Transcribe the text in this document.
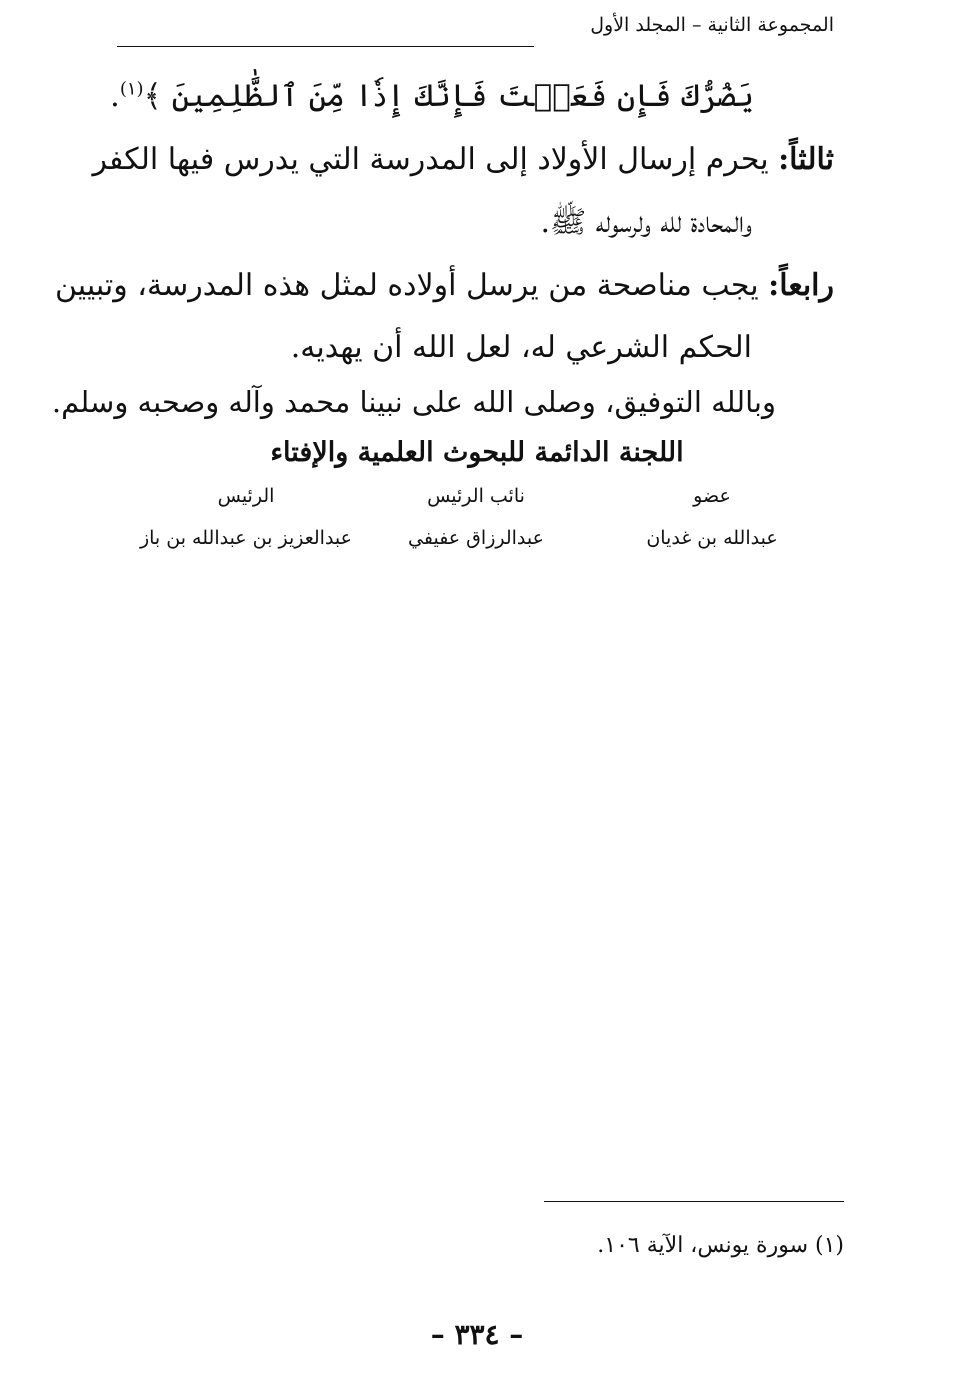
المجموعة الثانية – المجلد الأول
يَضُرُّكَ فَإِن فَعَلۡتَ فَإِنَّكَ إِذٗا مِّنَ ٱلظَّٰلِمِينَ ﴾$^{(١)}$.
ثالثاً: يحرم إرسال الأولاد إلى المدرسة التي يدرس فيها الكفر
والمحادة لله ولرسوله ﷺ.
رابعاً: يجب مناصحة من يرسل أولاده لمثل هذه المدرسة، وتبيين
الحكم الشرعي له، لعل الله أن يهديه.
وبالله التوفيق، وصلى الله على نبينا محمد وآله وصحبه وسلم.
اللجنة الدائمة للبحوث العلمية والإفتاء
عضو
عبدالله بن غديان
نائب الرئيس
عبدالرزاق عفيفي
الرئيس
عبدالعزيز بن عبدالله بن باز
(١) سورة يونس، الآية ١٠٦.
– ٣٣٤ –
